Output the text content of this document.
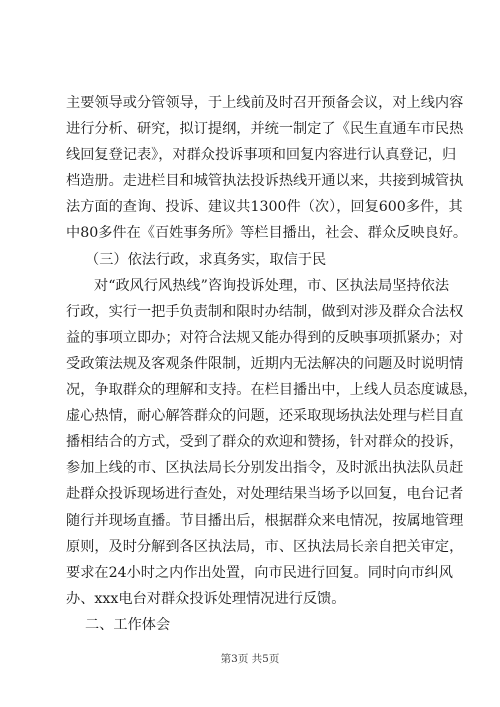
主要领导或分管领导，于上线前及时召开预备会议，对上线内容
进行分析、研究，拟订提纲，并统一制定了《民生直通车市民热
线回复登记表》，对群众投诉事项和回复内容进行认真登记，归
档造册。走进栏目和城管执法投诉热线开通以来，共接到城管执
法方面的查询、投诉、建议共1300件（次），回复600多件，其
中80多件在《百姓事务所》等栏目播出，社会、群众反映良好。
（三）依法行政，求真务实，取信于民
对“政风行风热线”咨询投诉处理，市、区执法局坚持依法
行政，实行一把手负责制和限时办结制，做到对涉及群众合法权
益的事项立即办；对符合法规又能办得到的反映事项抓紧办；对
受政策法规及客观条件限制，近期内无法解决的问题及时说明情
况，争取群众的理解和支持。在栏目播出中，上线人员态度诚恳，
虚心热情，耐心解答群众的问题，还采取现场执法处理与栏目直
播相结合的方式，受到了群众的欢迎和赞扬，针对群众的投诉，
参加上线的市、区执法局长分别发出指令，及时派出执法队员赶
赴群众投诉现场进行查处，对处理结果当场予以回复，电台记者
随行并现场直播。节目播出后，根据群众来电情况，按属地管理
原则，及时分解到各区执法局，市、区执法局长亲自把关审定，
要求在24小时之内作出处置，向市民进行回复。同时向市纠风
办、xxx电台对群众投诉处理情况进行反馈。
二、工作体会
第3页 共5页
